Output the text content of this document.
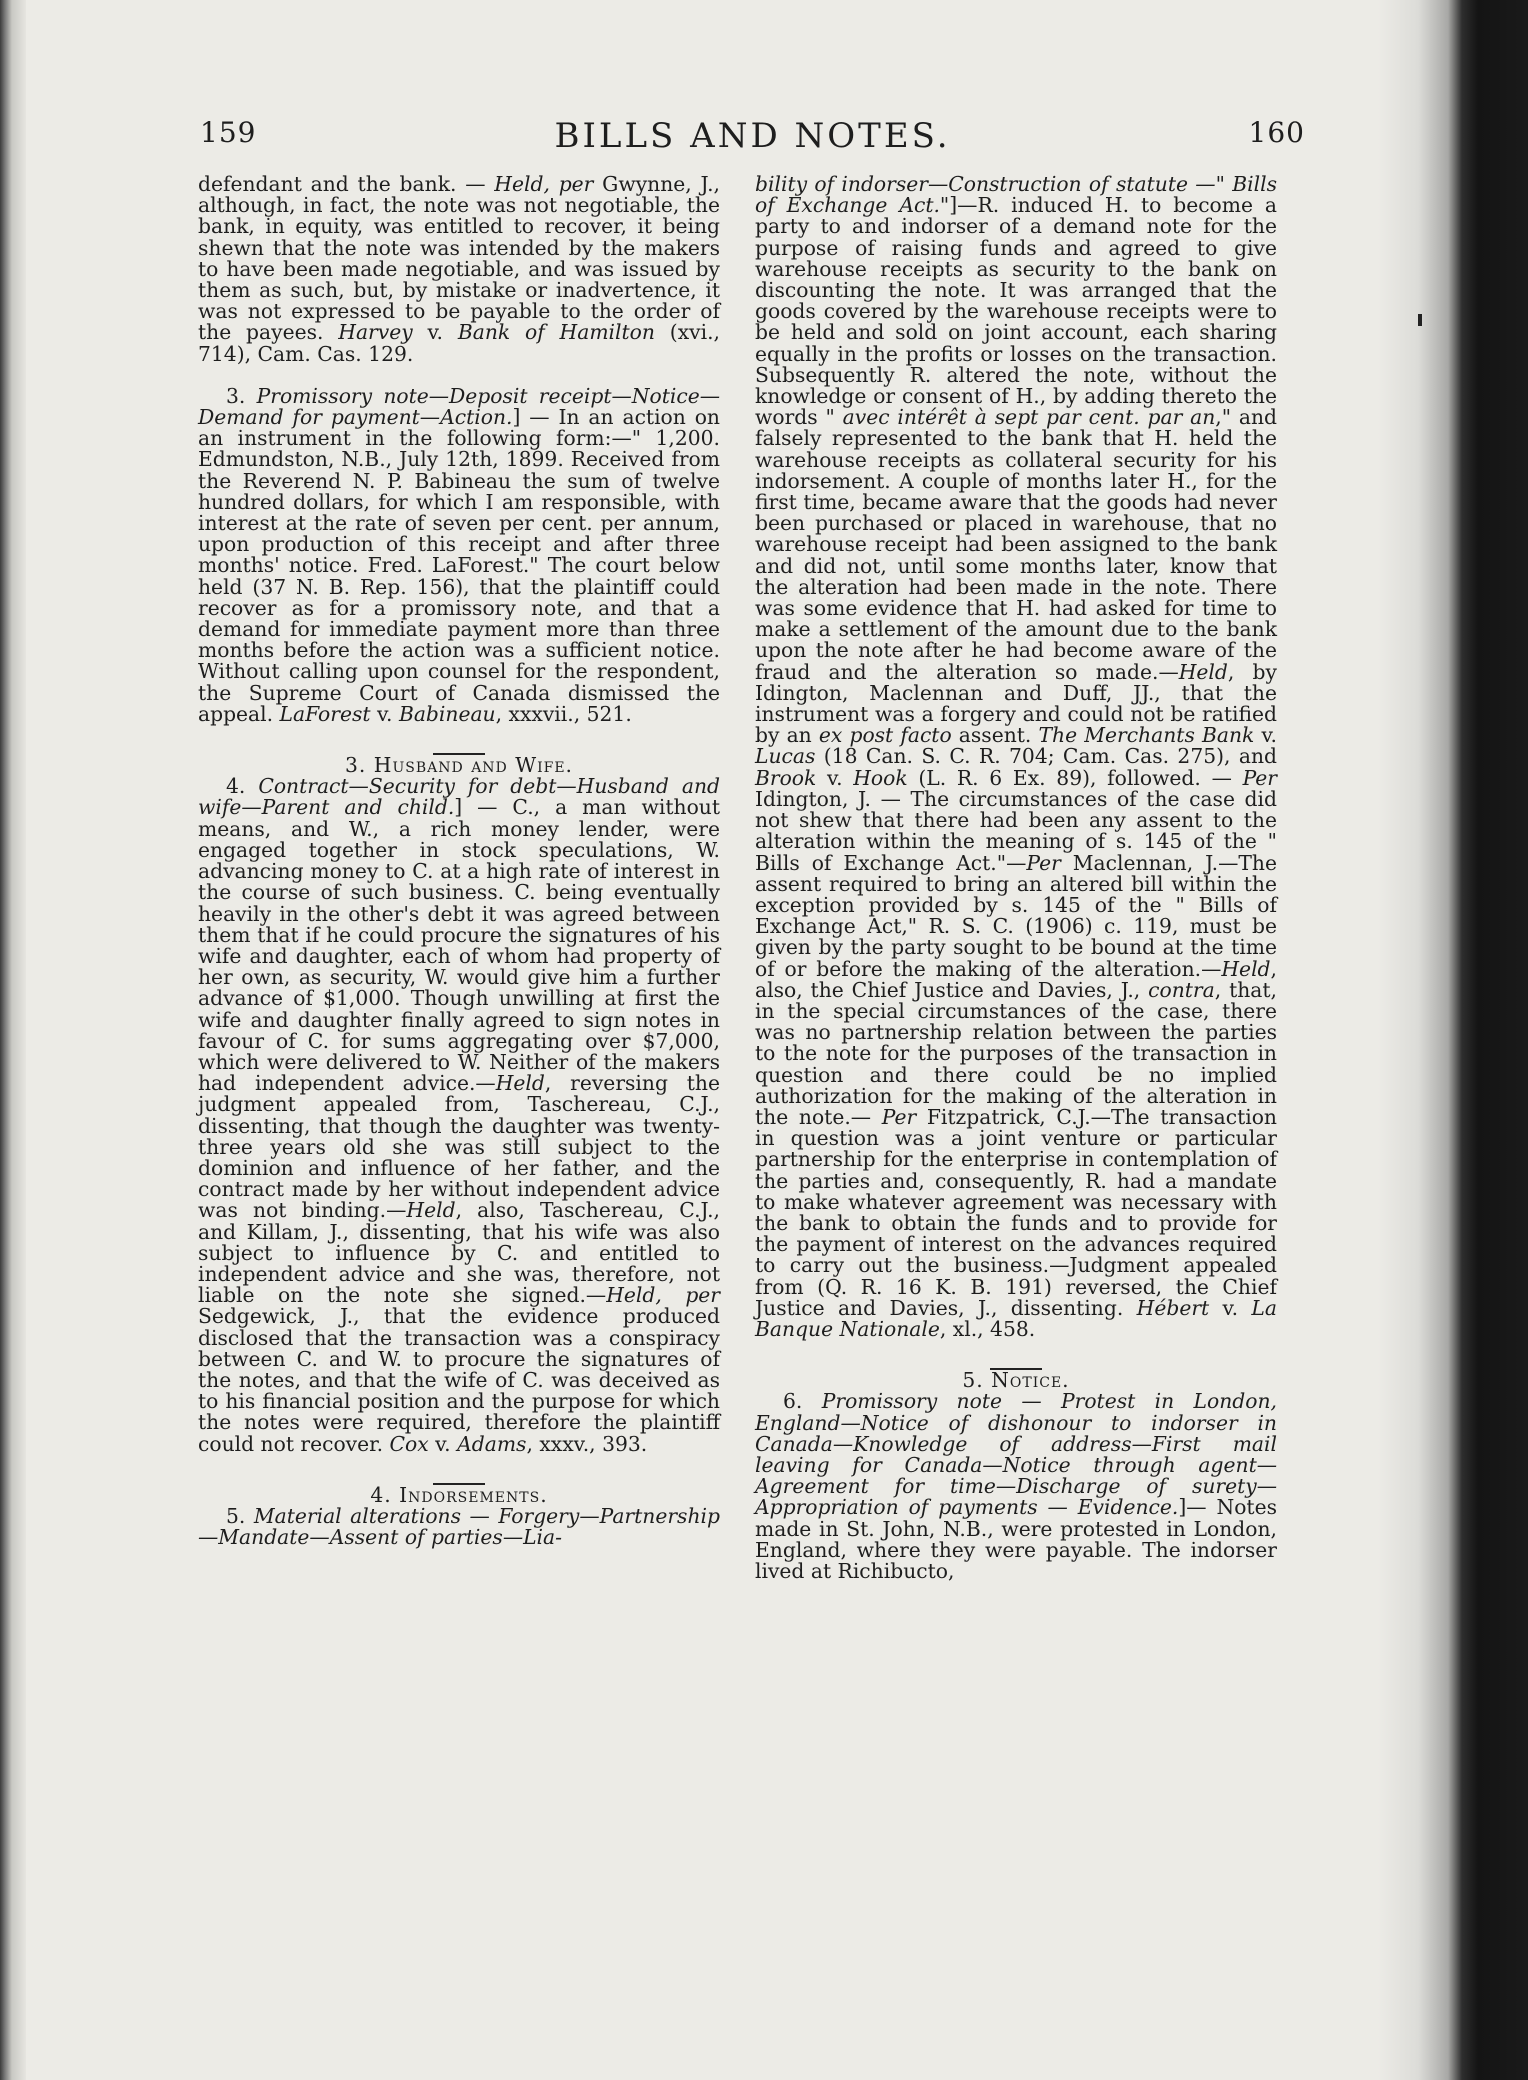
159	BILLS AND NOTES.	160

defendant and the bank. — Held, per Gwynne, J., although, in fact, the note was not negotiable, the bank, in equity, was entitled to recover, it being shewn that the note was intended by the makers to have been made negotiable, and was issued by them as such, but, by mistake or inadvertence, it was not expressed to be payable to the order of the payees. Harvey v. Bank of Hamilton (xvi., 714), Cam. Cas. 129.

3. Promissory note—Deposit receipt—Notice—Demand for payment—Action.] — In an action on an instrument in the following form:—" 1,200. Edmundston, N.B., July 12th, 1899. Received from the Reverend N. P. Babineau the sum of twelve hundred dollars, for which I am responsible, with interest at the rate of seven per cent. per annum, upon production of this receipt and after three months' notice. Fred. LaForest." The court below held (37 N. B. Rep. 156), that the plaintiff could recover as for a promissory note, and that a demand for immediate payment more than three months before the action was a sufficient notice. Without calling upon counsel for the respondent, the Supreme Court of Canada dismissed the appeal. LaForest v. Babineau, xxxvii., 521.

3. Husband and Wife.

4. Contract—Security for debt—Husband and wife—Parent and child.] — C., a man without means, and W., a rich money lender, were engaged together in stock speculations, W. advancing money to C. at a high rate of interest in the course of such business. C. being eventually heavily in the other's debt it was agreed between them that if he could procure the signatures of his wife and daughter, each of whom had property of her own, as security, W. would give him a further advance of $1,000. Though unwilling at first the wife and daughter finally agreed to sign notes in favour of C. for sums aggregating over $7,000, which were delivered to W. Neither of the makers had independent advice.—Held, reversing the judgment appealed from, Taschereau, C.J., dissenting, that though the daughter was twenty-three years old she was still subject to the dominion and influence of her father, and the contract made by her without independent advice was not binding.—Held, also, Taschereau, C.J., and Killam, J., dissenting, that his wife was also subject to influence by C. and entitled to independent advice and she was, therefore, not liable on the note she signed.—Held, per Sedgewick, J., that the evidence produced disclosed that the transaction was a conspiracy between C. and W. to procure the signatures of the notes, and that the wife of C. was deceived as to his financial position and the purpose for which the notes were required, therefore the plaintiff could not recover. Cox v. Adams, xxxv., 393.

4. Indorsements.

5. Material alterations — Forgery—Partnership—Mandate—Assent of parties—Lia-

bility of indorser—Construction of statute —" Bills of Exchange Act."]—R. induced H. to become a party to and indorser of a demand note for the purpose of raising funds and agreed to give warehouse receipts as security to the bank on discounting the note. It was arranged that the goods covered by the warehouse receipts were to be held and sold on joint account, each sharing equally in the profits or losses on the transaction. Subsequently R. altered the note, without the knowledge or consent of H., by adding thereto the words " avec intérêt à sept par cent. par an," and falsely represented to the bank that H. held the warehouse receipts as collateral security for his indorsement. A couple of months later H., for the first time, became aware that the goods had never been purchased or placed in warehouse, that no warehouse receipt had been assigned to the bank and did not, until some months later, know that the alteration had been made in the note. There was some evidence that H. had asked for time to make a settlement of the amount due to the bank upon the note after he had become aware of the fraud and the alteration so made.—Held, by Idington, Maclennan and Duff, JJ., that the instrument was a forgery and could not be ratified by an ex post facto assent. The Merchants Bank v. Lucas (18 Can. S. C. R. 704; Cam. Cas. 275), and Brook v. Hook (L. R. 6 Ex. 89), followed. — Per Idington, J. — The circumstances of the case did not shew that there had been any assent to the alteration within the meaning of s. 145 of the " Bills of Exchange Act."—Per Maclennan, J.—The assent required to bring an altered bill within the exception provided by s. 145 of the " Bills of Exchange Act," R. S. C. (1906) c. 119, must be given by the party sought to be bound at the time of or before the making of the alteration.—Held, also, the Chief Justice and Davies, J., contra, that, in the special circumstances of the case, there was no partnership relation between the parties to the note for the purposes of the transaction in question and there could be no implied authorization for the making of the alteration in the note.— Per Fitzpatrick, C.J.—The transaction in question was a joint venture or particular partnership for the enterprise in contemplation of the parties and, consequently, R. had a mandate to make whatever agreement was necessary with the bank to obtain the funds and to provide for the payment of interest on the advances required to carry out the business.—Judgment appealed from (Q. R. 16 K. B. 191) reversed, the Chief Justice and Davies, J., dissenting. Hébert v. La Banque Nationale, xl., 458.

5. Notice.

6. Promissory note — Protest in London, England—Notice of dishonour to indorser in Canada—Knowledge of address—First mail leaving for Canada—Notice through agent—Agreement for time—Discharge of surety—Appropriation of payments — Evidence.]— Notes made in St. John, N.B., were protested in London, England, where they were payable. The indorser lived at Richibucto,
